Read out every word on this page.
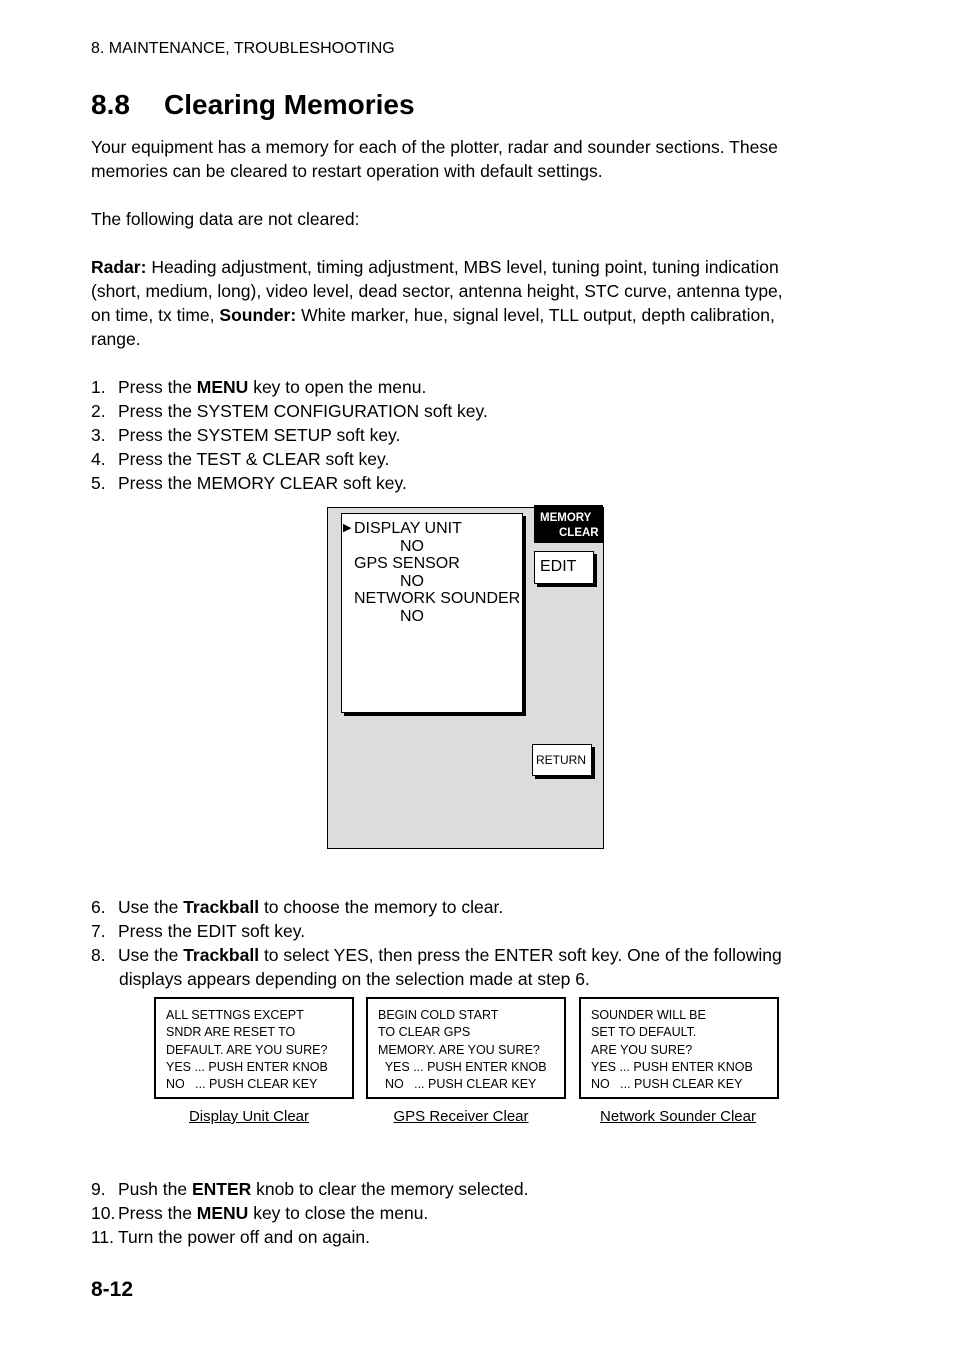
8. MAINTENANCE, TROUBLESHOOTING
8.8 Clearing Memories
Your equipment has a memory for each of the plotter, radar and sounder sections. These
memories can be cleared to restart operation with default settings.
The following data are not cleared:
Radar: Heading adjustment, timing adjustment, MBS level, tuning point, tuning indication
(short, medium, long), video level, dead sector, antenna height, STC curve, antenna type,
on time, tx time, Sounder: White marker, hue, signal level, TLL output, depth calibration,
range.
1. Press the MENU key to open the menu.
2. Press the SYSTEM CONFIGURATION soft key.
3. Press the SYSTEM SETUP soft key.
4. Press the TEST & CLEAR soft key.
5. Press the MEMORY CLEAR soft key.
▶ DISPLAY UNIT
NO
GPS SENSOR
NO
NETWORK SOUNDER
NO
MEMORY
CLEAR
EDIT
RETURN
6. Use the Trackball to choose the memory to clear.
7. Press the EDIT soft key.
8. Use the Trackball to select YES, then press the ENTER soft key. One of the following
displays appears depending on the selection made at step 6.
ALL SETTNGS EXCEPT
SNDR ARE RESET TO
DEFAULT. ARE YOU SURE?
YES ... PUSH ENTER KNOB
NO   ... PUSH CLEAR KEY
BEGIN COLD START
TO CLEAR GPS
MEMORY. ARE YOU SURE?
YES ... PUSH ENTER KNOB
NO   ... PUSH CLEAR KEY
SOUNDER WILL BE
SET TO DEFAULT.
ARE YOU SURE?
YES ... PUSH ENTER KNOB
NO   ... PUSH CLEAR KEY
Display Unit Clear	GPS Receiver Clear	Network Sounder Clear
9. Push the ENTER knob to clear the memory selected.
10. Press the MENU key to close the menu.
11. Turn the power off and on again.
8-12
